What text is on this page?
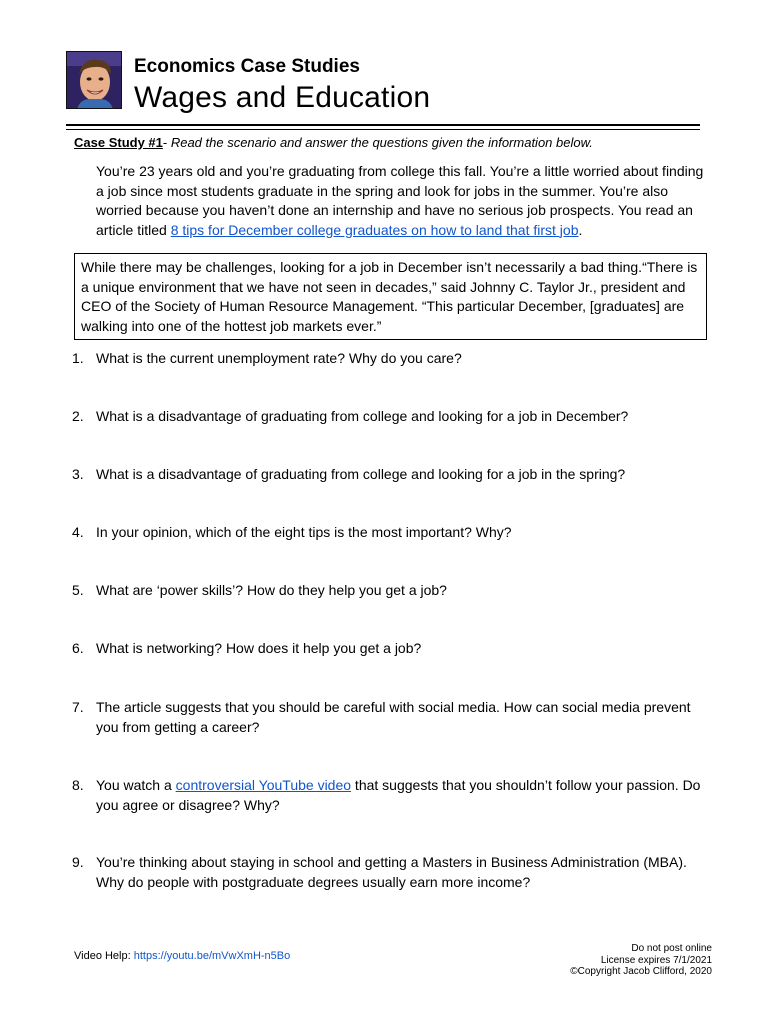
Economics Case Studies
Wages and Education
Case Study #1- Read the scenario and answer the questions given the information below.
You’re 23 years old and you’re graduating from college this fall. You’re a little worried about finding a job since most students graduate in the spring and look for jobs in the summer. You’re also worried because you haven’t done an internship and have no serious job prospects. You read an article titled 8 tips for December college graduates on how to land that first job.
While there may be challenges, looking for a job in December isn’t necessarily a bad thing.“There is a unique environment that we have not seen in decades,” said Johnny C. Taylor Jr., president and CEO of the Society of Human Resource Management. “This particular December, [graduates] are walking into one of the hottest job markets ever.”
1. What is the current unemployment rate? Why do you care?
2. What is a disadvantage of graduating from college and looking for a job in December?
3. What is a disadvantage of graduating from college and looking for a job in the spring?
4. In your opinion, which of the eight tips is the most important? Why?
5. What are ‘power skills’? How do they help you get a job?
6. What is networking? How does it help you get a job?
7. The article suggests that you should be careful with social media. How can social media prevent you from getting a career?
8. You watch a controversial YouTube video that suggests that you shouldn’t follow your passion. Do you agree or disagree? Why?
9. You’re thinking about staying in school and getting a Masters in Business Administration (MBA). Why do people with postgraduate degrees usually earn more income?
Video Help: https://youtu.be/mVwXmH-n5Bo
Do not post online
License expires 7/1/2021
©Copyright Jacob Clifford, 2020
